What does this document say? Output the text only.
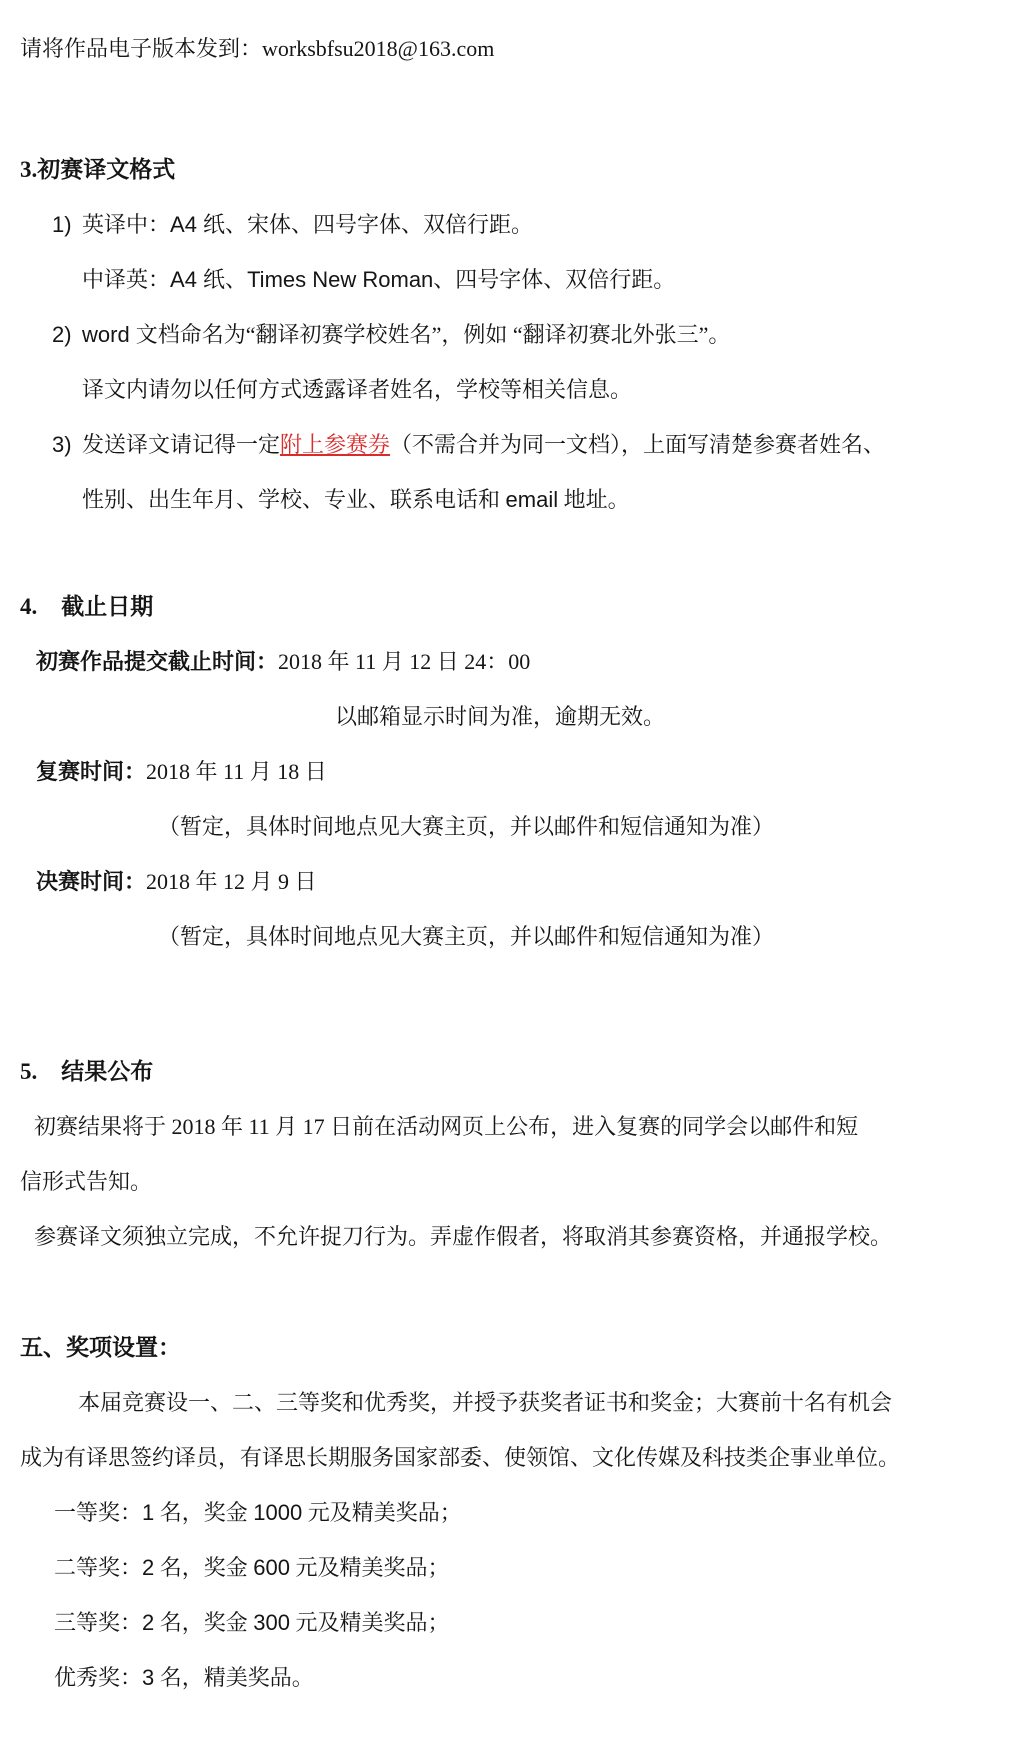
请将作品电子版本发到：worksbfsu2018@163.com
3.初赛译文格式
1) 英译中：A4 纸、宋体、四号字体、双倍行距。
中译英：A4 纸、Times New Roman、四号字体、双倍行距。
2) word 文档命名为“翻译初赛学校姓名”，例如 “翻译初赛北外张三”。
译文内请勿以任何方式透露译者姓名，学校等相关信息。
3) 发送译文请记得一定附上参赛券（不需合并为同一文档），上面写清楚参赛者姓名、
性别、出生年月、学校、专业、联系电话和 email 地址。
4. 截止日期
初赛作品提交截止时间：2018 年 11 月 12 日 24：00
以邮箱显示时间为准，逾期无效。
复赛时间：2018 年 11 月 18 日
（暂定，具体时间地点见大赛主页，并以邮件和短信通知为准）
决赛时间：2018 年 12 月 9 日
（暂定，具体时间地点见大赛主页，并以邮件和短信通知为准）
5. 结果公布
初赛结果将于 2018 年 11 月 17 日前在活动网页上公布，进入复赛的同学会以邮件和短
信形式告知。
参赛译文须独立完成，不允许捉刀行为。弄虚作假者，将取消其参赛资格，并通报学校。
五、奖项设置：
本届竞赛设一、二、三等奖和优秀奖，并授予获奖者证书和奖金；大赛前十名有机会
成为有译思签约译员，有译思长期服务国家部委、使领馆、文化传媒及科技类企事业单位。
一等奖：1 名，奖金 1000 元及精美奖品；
二等奖：2 名，奖金 600 元及精美奖品；
三等奖：2 名，奖金 300 元及精美奖品；
优秀奖：3 名，精美奖品。
